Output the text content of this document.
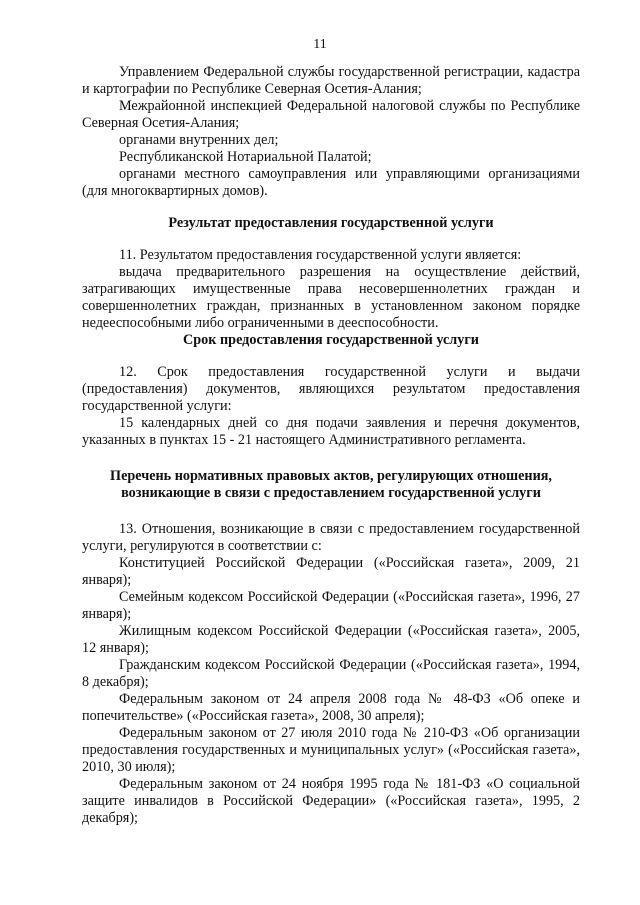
11

Управлением Федеральной службы государственной регистрации, кадастра и картографии по Республике Северная Осетия-Алания;

Межрайонной инспекцией Федеральной налоговой службы по Республике Северная Осетия-Алания;

органами внутренних дел;

Республиканской Нотариальной Палатой;

органами местного самоуправления или управляющими организациями (для многоквартирных домов).

Результат предоставления государственной услуги

11. Результатом предоставления государственной услуги является:

выдача предварительного разрешения на осуществление действий, затрагивающих имущественные права несовершеннолетних граждан и совершеннолетних граждан, признанных в установленном законом порядке недееспособными либо ограниченными в дееспособности.

Срок предоставления государственной услуги

12. Срок предоставления государственной услуги и выдачи (предоставления) документов, являющихся результатом предоставления государственной услуги:

15 календарных дней со дня подачи заявления и перечня документов, указанных в пунктах 15 - 21 настоящего Административного регламента.

Перечень нормативных правовых актов, регулирующих отношения,
возникающие в связи с предоставлением государственной услуги

13. Отношения, возникающие в связи с предоставлением государственной услуги, регулируются в соответствии с:

Конституцией Российской Федерации («Российская газета», 2009, 21 января);

Семейным кодексом Российской Федерации («Российская газета», 1996, 27 января);

Жилищным кодексом Российской Федерации («Российская газета», 2005, 12 января);

Гражданским кодексом Российской Федерации («Российская газета», 1994, 8 декабря);

Федеральным законом от 24 апреля 2008 года № 48-ФЗ «Об опеке и попечительстве» («Российская газета», 2008, 30 апреля);

Федеральным законом от 27 июля 2010 года № 210-ФЗ «Об организации предоставления государственных и муниципальных услуг» («Российская газета», 2010, 30 июля);

Федеральным законом от 24 ноября 1995 года № 181-ФЗ «О социальной защите инвалидов в Российской Федерации» («Российская газета», 1995, 2 декабря);
